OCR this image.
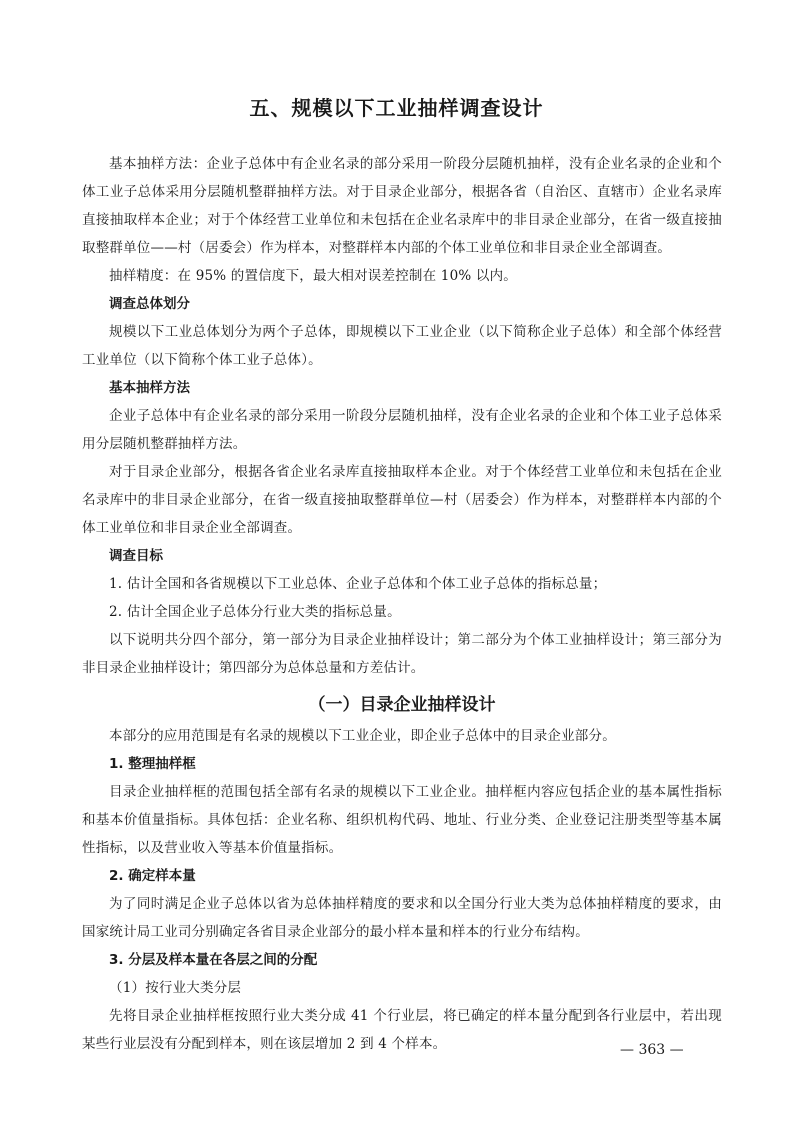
五、规模以下工业抽样调查设计

基本抽样方法：企业子总体中有企业名录的部分采用一阶段分层随机抽样，没有企业名录的企业和个体工业子总体采用分层随机整群抽样方法。对于目录企业部分，根据各省（自治区、直辖市）企业名录库直接抽取样本企业；对于个体经营工业单位和未包括在企业名录库中的非目录企业部分，在省一级直接抽取整群单位——村（居委会）作为样本，对整群样本内部的个体工业单位和非目录企业全部调查。

抽样精度：在 95% 的置信度下，最大相对误差控制在 10% 以内。

调查总体划分

规模以下工业总体划分为两个子总体，即规模以下工业企业（以下简称企业子总体）和全部个体经营工业单位（以下简称个体工业子总体）。

基本抽样方法

企业子总体中有企业名录的部分采用一阶段分层随机抽样，没有企业名录的企业和个体工业子总体采用分层随机整群抽样方法。

对于目录企业部分，根据各省企业名录库直接抽取样本企业。对于个体经营工业单位和未包括在企业名录库中的非目录企业部分，在省一级直接抽取整群单位—村（居委会）作为样本，对整群样本内部的个体工业单位和非目录企业全部调查。

调查目标

1. 估计全国和各省规模以下工业总体、企业子总体和个体工业子总体的指标总量；

2. 估计全国企业子总体分行业大类的指标总量。

以下说明共分四个部分，第一部分为目录企业抽样设计；第二部分为个体工业抽样设计；第三部分为非目录企业抽样设计；第四部分为总体总量和方差估计。

（一）目录企业抽样设计

本部分的应用范围是有名录的规模以下工业企业，即企业子总体中的目录企业部分。

1. 整理抽样框

目录企业抽样框的范围包括全部有名录的规模以下工业企业。抽样框内容应包括企业的基本属性指标和基本价值量指标。具体包括：企业名称、组织机构代码、地址、行业分类、企业登记注册类型等基本属性指标，以及营业收入等基本价值量指标。

2. 确定样本量

为了同时满足企业子总体以省为总体抽样精度的要求和以全国分行业大类为总体抽样精度的要求，由国家统计局工业司分别确定各省目录企业部分的最小样本量和样本的行业分布结构。

3. 分层及样本量在各层之间的分配

（1）按行业大类分层

先将目录企业抽样框按照行业大类分成 41 个行业层，将已确定的样本量分配到各行业层中，若出现某些行业层没有分配到样本，则在该层增加 2 到 4 个样本。	— 363 —
